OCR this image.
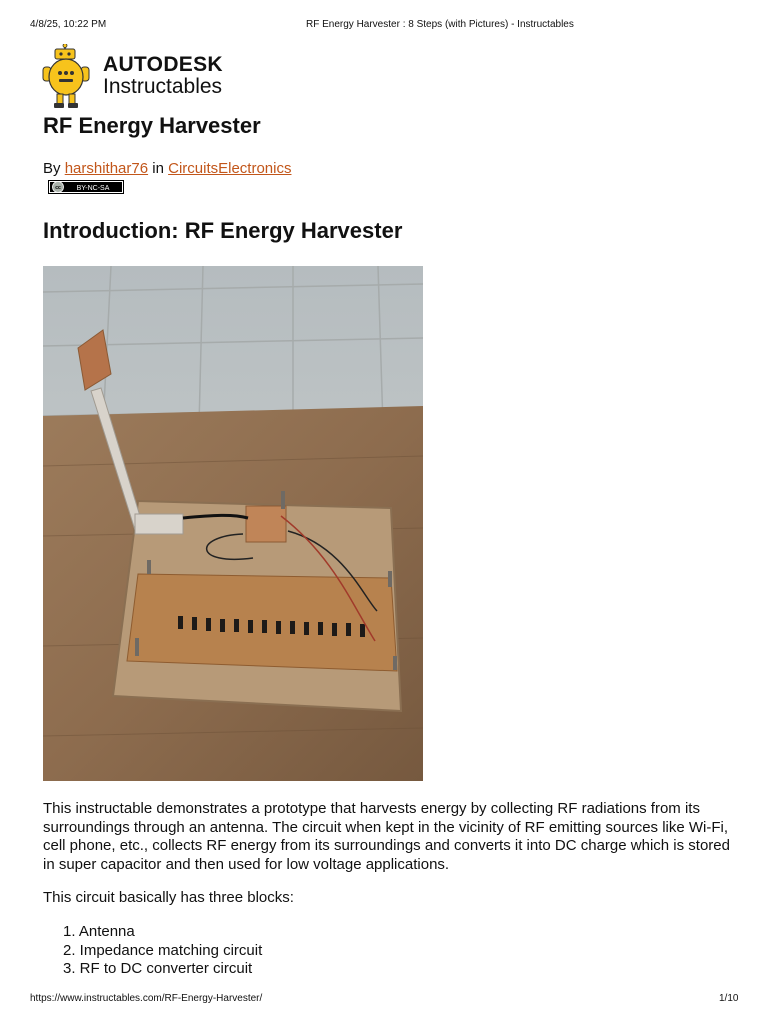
4/8/25, 10:22 PM	RF Energy Harvester : 8 Steps (with Pictures) - Instructables
AUTODESK
Instructables
RF Energy Harvester
By harshithar76 in CircuitsElectronics
cc BY-NC-SA
Introduction: RF Energy Harvester

This instructable demonstrates a prototype that harvests energy by collecting RF radiations from its surroundings through an antenna. The circuit when kept in the vicinity of RF emitting sources like Wi-Fi, cell phone, etc., collects RF energy from its surroundings and converts it into DC charge which is stored in super capacitor and then used for low voltage applications.

This circuit basically has three blocks:

1. Antenna
2. Impedance matching circuit
3. RF to DC converter circuit
https://www.instructables.com/RF-Energy-Harvester/	1/10
